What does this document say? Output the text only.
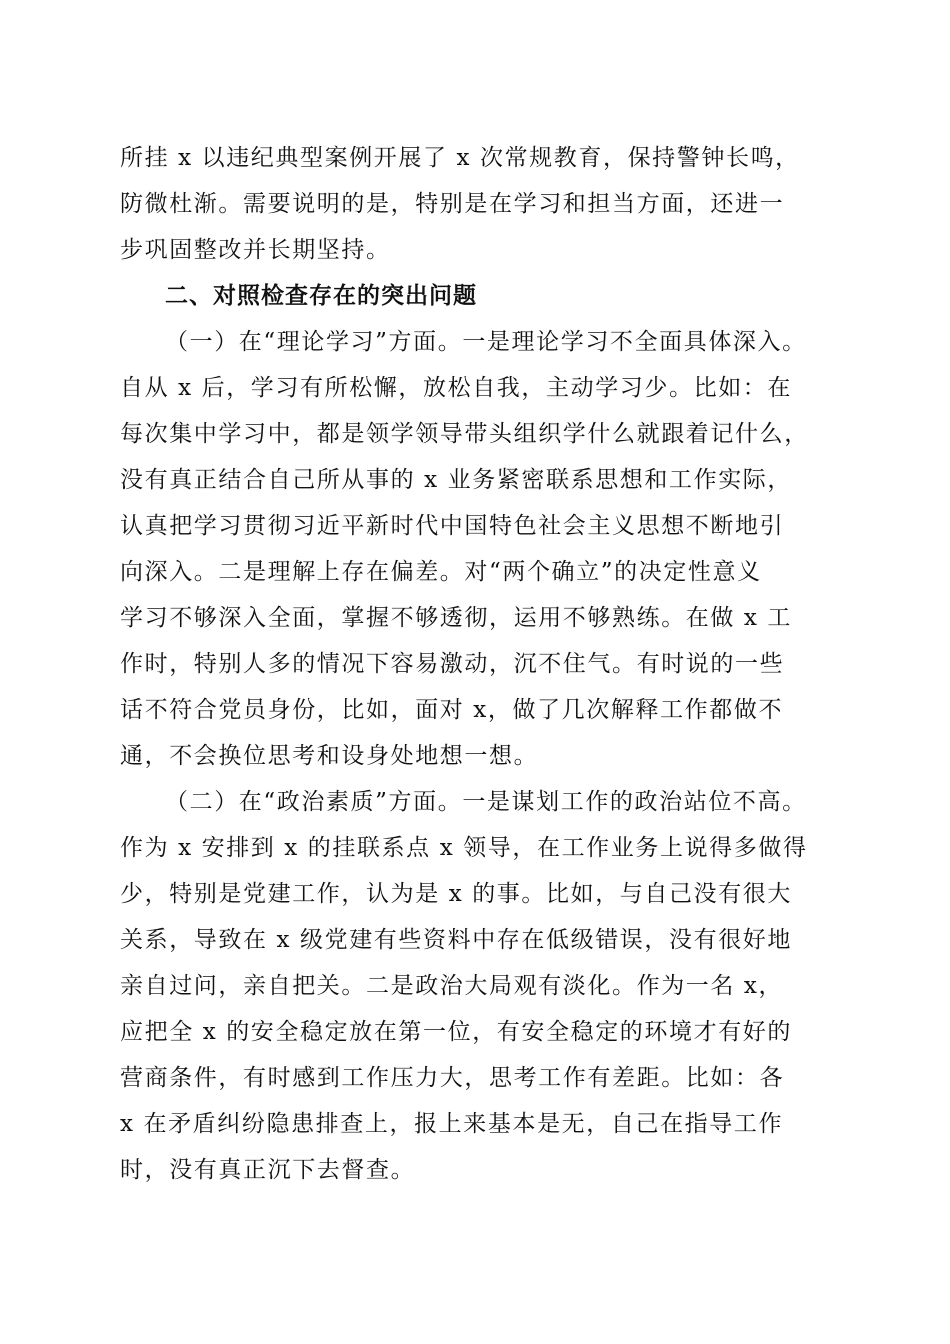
所挂 x 以违纪典型案例开展了 x 次常规教育，保持警钟长鸣，
防微杜渐。需要说明的是，特别是在学习和担当方面，还进一
步巩固整改并长期坚持。
二、对照检查存在的突出问题
（一）在“理论学习”方面。一是理论学习不全面具体深入。
自从 x 后，学习有所松懈，放松自我，主动学习少。比如：在
每次集中学习中，都是领学领导带头组织学什么就跟着记什么，
没有真正结合自己所从事的 x 业务紧密联系思想和工作实际，
认真把学习贯彻习近平新时代中国特色社会主义思想不断地引
向深入。二是理解上存在偏差。对“两个确立”的决定性意义
学习不够深入全面，掌握不够透彻，运用不够熟练。在做 x 工
作时，特别人多的情况下容易激动，沉不住气。有时说的一些
话不符合党员身份，比如，面对 x，做了几次解释工作都做不
通，不会换位思考和设身处地想一想。
（二）在“政治素质”方面。一是谋划工作的政治站位不高。
作为 x 安排到 x 的挂联系点 x 领导，在工作业务上说得多做得
少，特别是党建工作，认为是 x 的事。比如，与自己没有很大
关系，导致在 x 级党建有些资料中存在低级错误，没有很好地
亲自过问，亲自把关。二是政治大局观有淡化。作为一名 x，
应把全 x 的安全稳定放在第一位，有安全稳定的环境才有好的
营商条件，有时感到工作压力大，思考工作有差距。比如：各
x 在矛盾纠纷隐患排查上，报上来基本是无，自己在指导工作
时，没有真正沉下去督查。
